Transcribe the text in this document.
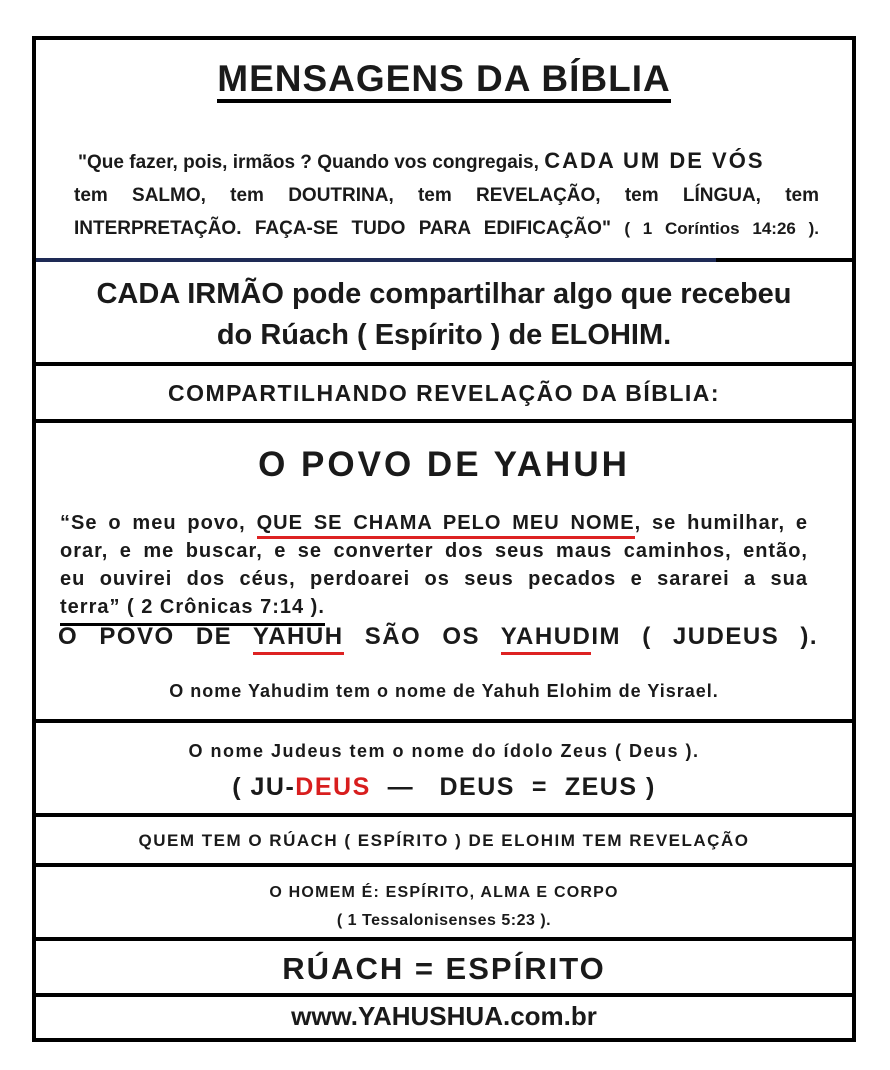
MENSAGENS DA BÍBLIA
"Que fazer, pois, irmãos ? Quando vos congregais, CADA UM DE VÓS
tem SALMO, tem DOUTRINA, tem REVELAÇÃO, tem LÍNGUA, tem
INTERPRETAÇÃO. FAÇA-SE TUDO PARA EDIFICAÇÃO" ( 1 Coríntios 14:26 ).
CADA IRMÃO pode compartilhar algo que recebeu
do Rúach ( Espírito ) de ELOHIM.
COMPARTILHANDO REVELAÇÃO DA BÍBLIA:
O POVO DE YAHUH
“Se o meu povo, QUE SE CHAMA PELO MEU NOME, se humilhar, e
orar, e me buscar, e se converter dos seus maus caminhos, então,
eu ouvirei dos céus, perdoarei os seus pecados e sararei a sua
terra” ( 2 Crônicas 7:14 ).
O POVO DE YAHUH SÃO OS YAHUDIM ( JUDEUS ).
O nome Yahudim tem o nome de Yahuh Elohim de Yisrael.
O nome Judeus tem o nome do ídolo Zeus ( Deus ).
( JU-DEUS  —   DEUS  =  ZEUS )
QUEM TEM O RÚACH ( ESPÍRITO ) DE ELOHIM TEM REVELAÇÃO
O HOMEM É: ESPÍRITO, ALMA E CORPO
( 1 Tessalonisenses 5:23 ).
RÚACH = ESPÍRITO
www.YAHUSHUA.com.br
